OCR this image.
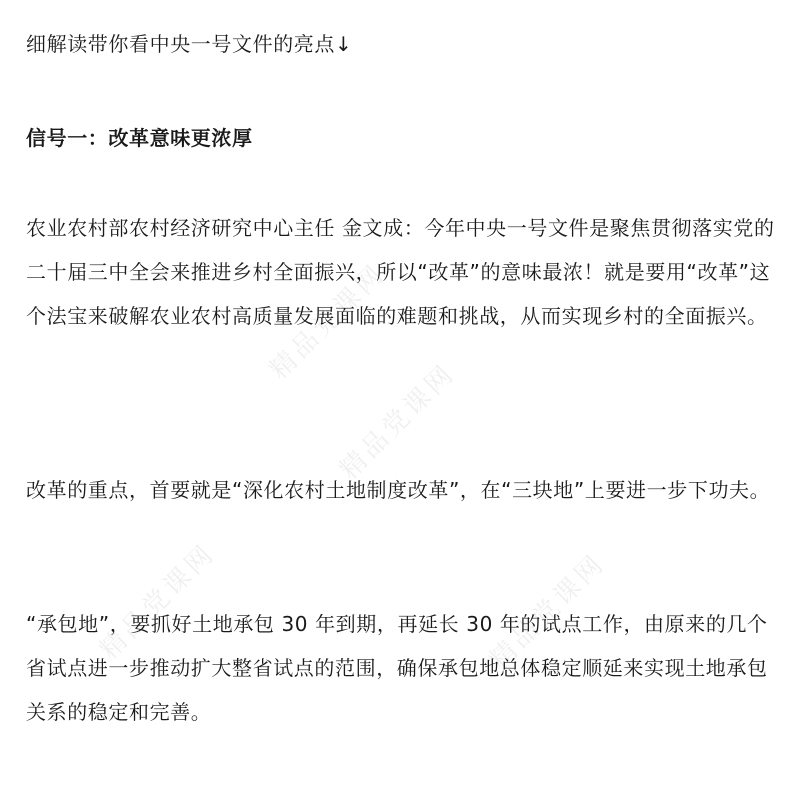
细解读带你看中央一号文件的亮点↓

信号一：改革意味更浓厚

农业农村部农村经济研究中心主任 金文成：今年中央一号文件是聚焦贯彻落实党的二十届三中全会来推进乡村全面振兴，所以“改革”的意味最浓！就是要用“改革”这个法宝来破解农业农村高质量发展面临的难题和挑战，从而实现乡村的全面振兴。

改革的重点，首要就是“深化农村土地制度改革”，在“三块地”上要进一步下功夫。

“承包地”，要抓好土地承包 30 年到期，再延长 30 年的试点工作，由原来的几个省试点进一步推动扩大整省试点的范围，确保承包地总体稳定顺延来实现土地承包关系的稳定和完善。

精品党课网
精品党课网
精品党课网
精品党课网
